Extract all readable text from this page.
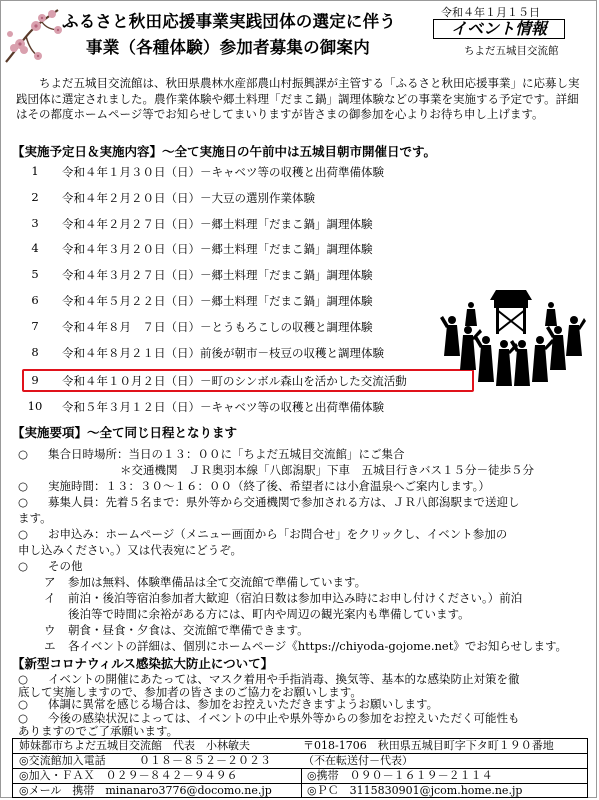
ふるさと秋田応援事業実践団体の選定に伴う
事業（各種体験）参加者募集の御案内
令和４年１月１５日
イベント情報
ちよだ五城目交流館
ちよだ五城目交流館は、秋田県農林水産部農山村振興課が主管する「ふるさと秋田応援事業」に応募し実践団体に選定されました。農作業体験や郷土料理「だまこ鍋」調理体験などの事業を実施する予定です。詳細はその都度ホームページ等でお知らせしてまいりますが皆さまの御参加を心よりお待ち申し上げます。
【実施予定日＆実施内容】～全て実施日の午前中は五城目朝市開催日です。
1	令和４年１月３０日（日）－キャベツ等の収穫と出荷準備体験
2	令和４年２月２０日（日）－大豆の選別作業体験
3	令和４年２月２７日（日）－郷土料理「だまこ鍋」調理体験
4	令和４年３月２０日（日）－郷土料理「だまこ鍋」調理体験
5	令和４年３月２７日（日）－郷土料理「だまこ鍋」調理体験
6	令和４年５月２２日（日）－郷土料理「だまこ鍋」調理体験
7	令和４年８月　７日（日）－とうもろこしの収穫と調理体験
8	令和４年８月２１日（日）前後が朝市－枝豆の収穫と調理体験
9	令和４年１０月２日（日）－町のシンボル森山を活かした交流活動
10 令和５年３月１２日（日）－キャベツ等の収穫と出荷準備体験
【実施要項】～全て同じ日程となります
○ 集合日時場所：当日の１３：００に「ちよだ五城目交流館」にご集合
＊交通機関　ＪＲ奥羽本線「八郎潟駅」下車　五城目行きバス１５分－徒歩５分
○ 実施時間：１３：３０～１６：００（終了後、希望者には小倉温泉へご案内します。）
○ 募集人員：先着５名まで：県外等から交通機関で参加される方は、ＪＲ八郎潟駅まで送迎し
ます。
○ お申込み：ホームページ（メニュー画面から「お問合せ」をクリックし、イベント参加の
申し込みください。）又は代表宛にどうぞ。
○ その他
ア 参加は無料、体験準備品は全て交流館で準備しています。
イ 前泊・後泊等宿泊参加者大歓迎（宿泊日数は参加申込み時にお申し付けください。）前泊
後泊等で時間に余裕がある方には、町内や周辺の観光案内も準備しています。
ウ 朝食・昼食・夕食は、交流館で準備できます。
エ 各イベントの詳細は、個別にホームページ《https://chiyoda-gojome.net》でお知らせします。
【新型コロナウィルス感染拡大防止について】
○ イベントの開催にあたっては、マスク着用や手指消毒、換気等、基本的な感染防止対策を徹
底して実施しますので、参加者の皆さまのご協力をお願いします。
○ 体調に異常を感じる場合は、参加をお控えいただきますようお願いします。
姉妹都市ちよだ五城目交流館　代表　小林敏夫	〒018-1706　秋田県五城目町字下タ町１９０番地
◎交流館加入電話	０１８－８５２－２０２３	（不在転送付－代表）
◎加入・ＦＡＸ　０２９－８４２－９４９６	◎携帯　０９０－１６１９－２１１４
◎メール　携帯　minanaro3776@docomo.ne.jp	◎ＰＣ　3115830901@jcom.home.ne.jp
○ 今後の感染状況によっては、イベントの中止や県外等からの参加をお控えいただく可能性も
ありますのでご了承願います。
